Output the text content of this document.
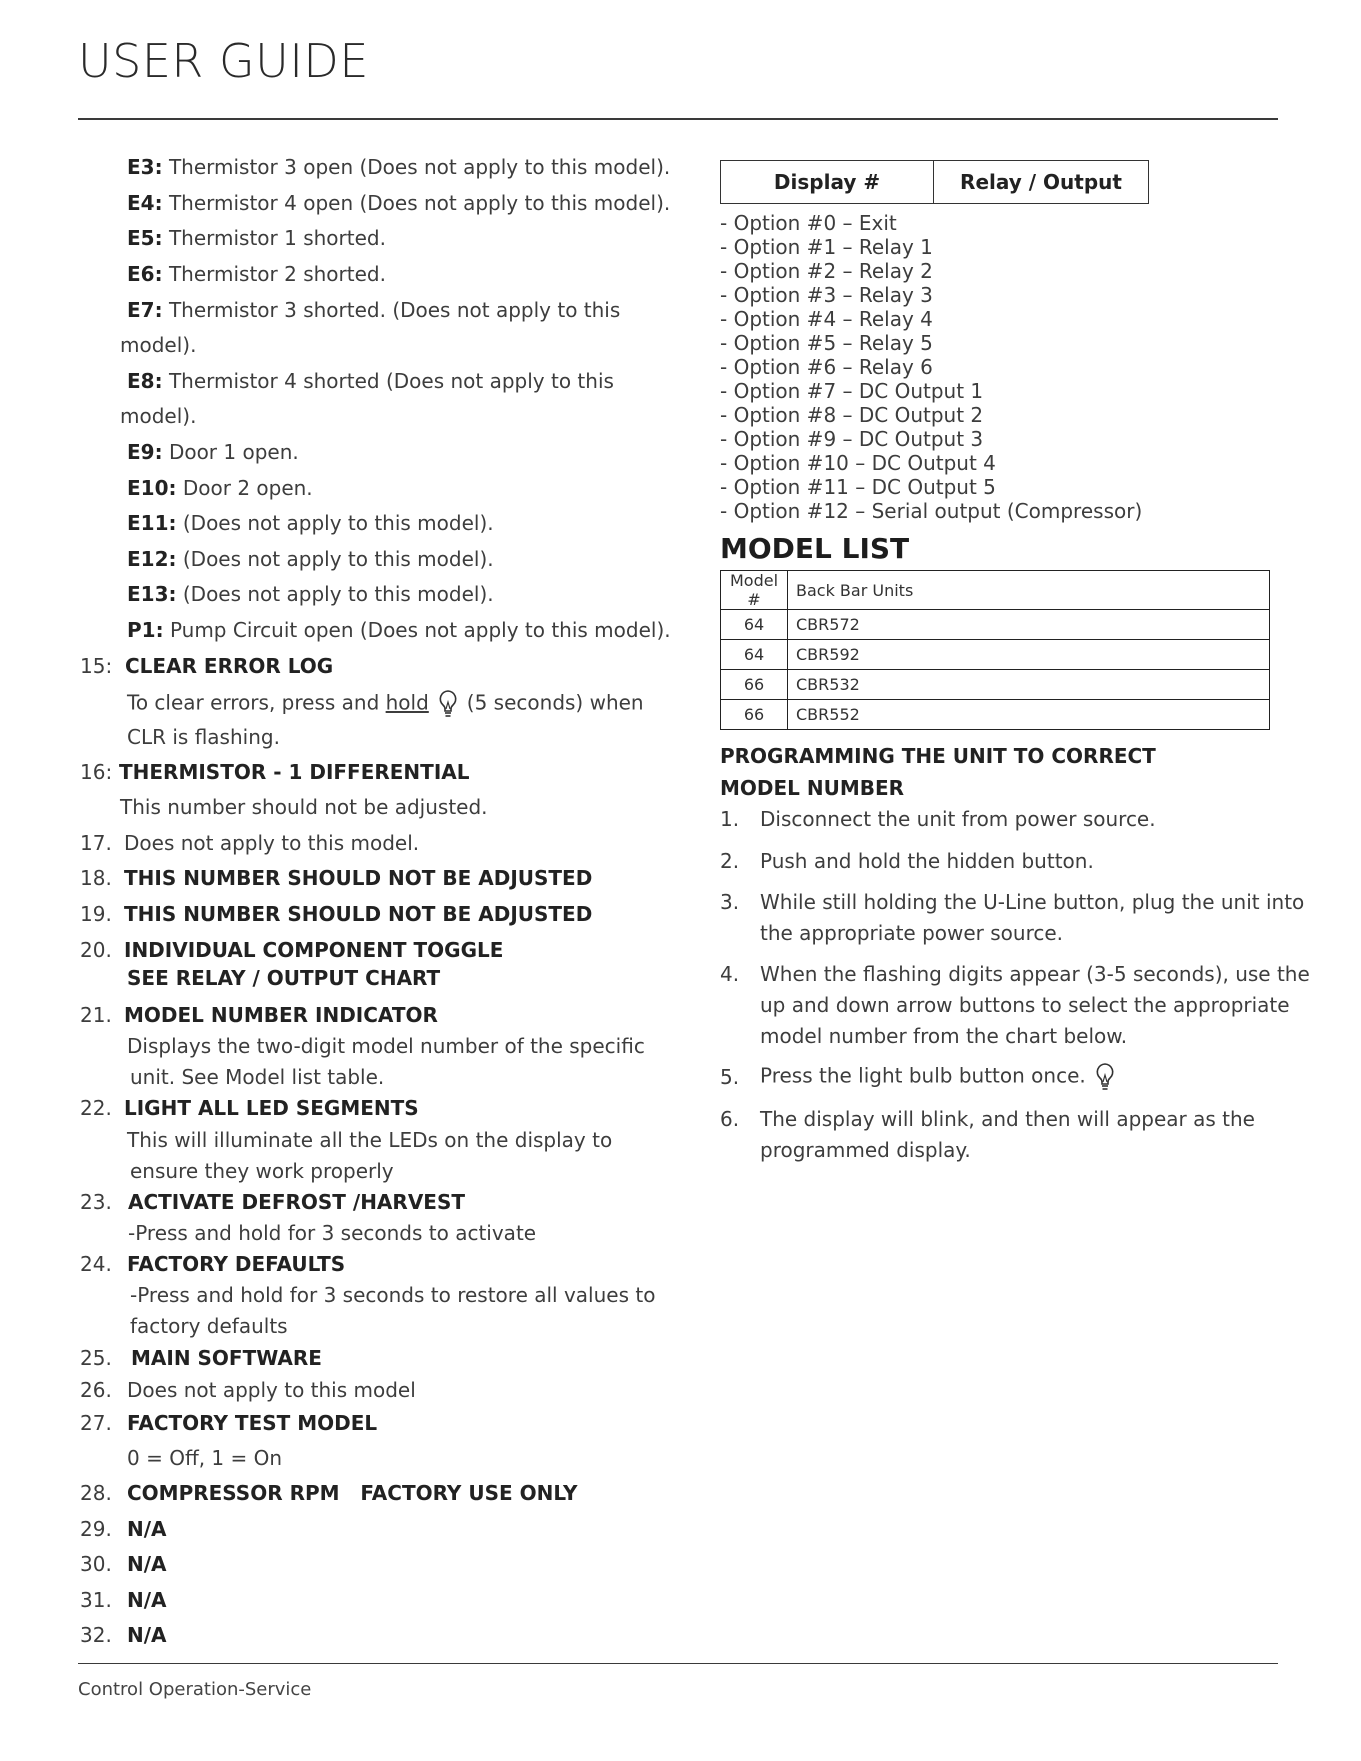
USER GUIDE
E3: Thermistor 3 open (Does not apply to this model).
E4: Thermistor 4 open (Does not apply to this model).
E5: Thermistor 1 shorted.
E6: Thermistor 2 shorted.
E7: Thermistor 3 shorted. (Does not apply to this
model).
E8: Thermistor 4 shorted (Does not apply to this
model).
E9: Door 1 open.
E10: Door 2 open.
E11: (Does not apply to this model).
E12: (Does not apply to this model).
E13: (Does not apply to this model).
P1: Pump Circuit open (Does not apply to this model).
15: CLEAR ERROR LOG
To clear errors, press and hold (5 seconds) when
CLR is flashing.
16: THERMISTOR - 1 DIFFERENTIAL
This number should not be adjusted.
17. Does not apply to this model.
18. THIS NUMBER SHOULD NOT BE ADJUSTED
19. THIS NUMBER SHOULD NOT BE ADJUSTED
20. INDIVIDUAL COMPONENT TOGGLE
SEE RELAY / OUTPUT CHART
21. MODEL NUMBER INDICATOR
Displays the two-digit model number of the specific
unit. See Model list table.
22. LIGHT ALL LED SEGMENTS
This will illuminate all the LEDs on the display to
ensure they work properly
23. ACTIVATE DEFROST /HARVEST
-Press and hold for 3 seconds to activate
24. FACTORY DEFAULTS
-Press and hold for 3 seconds to restore all values to
factory defaults
25. MAIN SOFTWARE
26. Does not apply to this model
27. FACTORY TEST MODEL
0 = Off, 1 = On
28. COMPRESSOR RPM   FACTORY USE ONLY
29. N/A
30. N/A
31. N/A
32. N/A
Display #	Relay / Output
- Option #0 – Exit
- Option #1 – Relay 1
- Option #2 – Relay 2
- Option #3 – Relay 3
- Option #4 – Relay 4
- Option #5 – Relay 5
- Option #6 – Relay 6
- Option #7 – DC Output 1
- Option #8 – DC Output 2
- Option #9 – DC Output 3
- Option #10 – DC Output 4
- Option #11 – DC Output 5
- Option #12 – Serial output (Compressor)
MODEL LIST
Model #	Back Bar Units
64	CBR572
64	CBR592
66	CBR532
66	CBR552
PROGRAMMING THE UNIT TO CORRECT
MODEL NUMBER
1. Disconnect the unit from power source.
2. Push and hold the hidden button.
3. While still holding the U-Line button, plug the unit into
the appropriate power source.
4. When the flashing digits appear (3-5 seconds), use the
up and down arrow buttons to select the appropriate
model number from the chart below.
5. Press the light bulb button once.
6. The display will blink, and then will appear as the
programmed display.
Control Operation-Service
